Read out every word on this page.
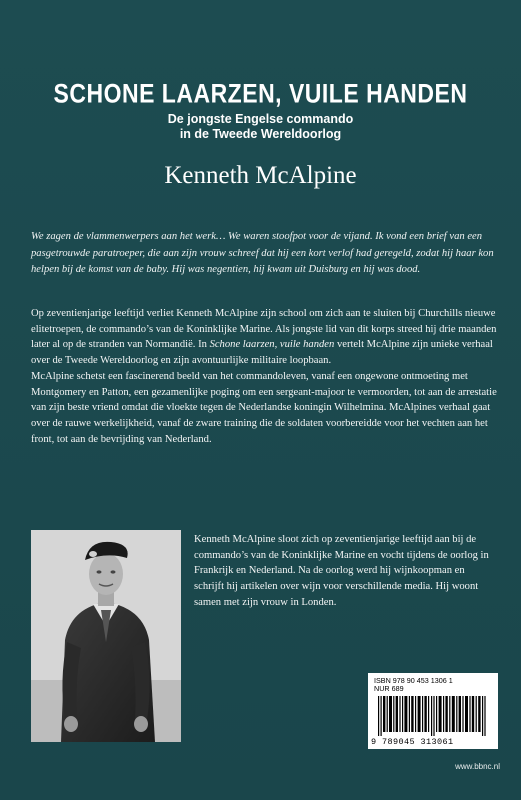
SCHONE LAARZEN, VUILE HANDEN
De jongste Engelse commando
in de Tweede Wereldoorlog
Kenneth McAlpine
We zagen de vlammenwerpers aan het werk… We waren stoofpot voor de vijand. Ik vond een brief van een pasgetrouwde paratroeper, die aan zijn vrouw schreef dat hij een kort verlof had geregeld, zodat hij haar kon helpen bij de komst van de baby. Hij was negentien, hij kwam uit Duisburg en hij was dood.

Op zeventienjarige leeftijd verliet Kenneth McAlpine zijn school om zich aan te sluiten bij Churchills nieuwe elitetroepen, de commando’s van de Koninklijke Marine. Als jongste lid van dit korps streed hij drie maanden later al op de stranden van Normandië. In Schone laarzen, vuile handen vertelt McAlpine zijn unieke verhaal over de Tweede Wereldoorlog en zijn avontuurlijke militaire loopbaan.

McAlpine schetst een fascinerend beeld van het commandoleven, vanaf een ongewone ontmoeting met Montgomery en Patton, een gezamenlijke poging om een sergeant-majoor te vermoorden, tot aan de arrestatie van zijn beste vriend omdat die vloekte tegen de Nederlandse koningin Wilhelmina. McAlpines verhaal gaat over de rauwe werkelijkheid, vanaf de zware training die de soldaten voorbereidde voor het vechten aan het front, tot aan de bevrijding van Nederland.

Kenneth McAlpine sloot zich op zeventienjarige leeftijd aan bij de commando’s van de Koninklijke Marine en vocht tijdens de oorlog in Frankrijk en Nederland. Na de oorlog werd hij wijnkoopman en schrijft hij artikelen over wijn voor verschillende media. Hij woont samen met zijn vrouw in Londen.
ISBN 978 90 453 1306 1
NUR 689
9 789045 313061
www.bbnc.nl
